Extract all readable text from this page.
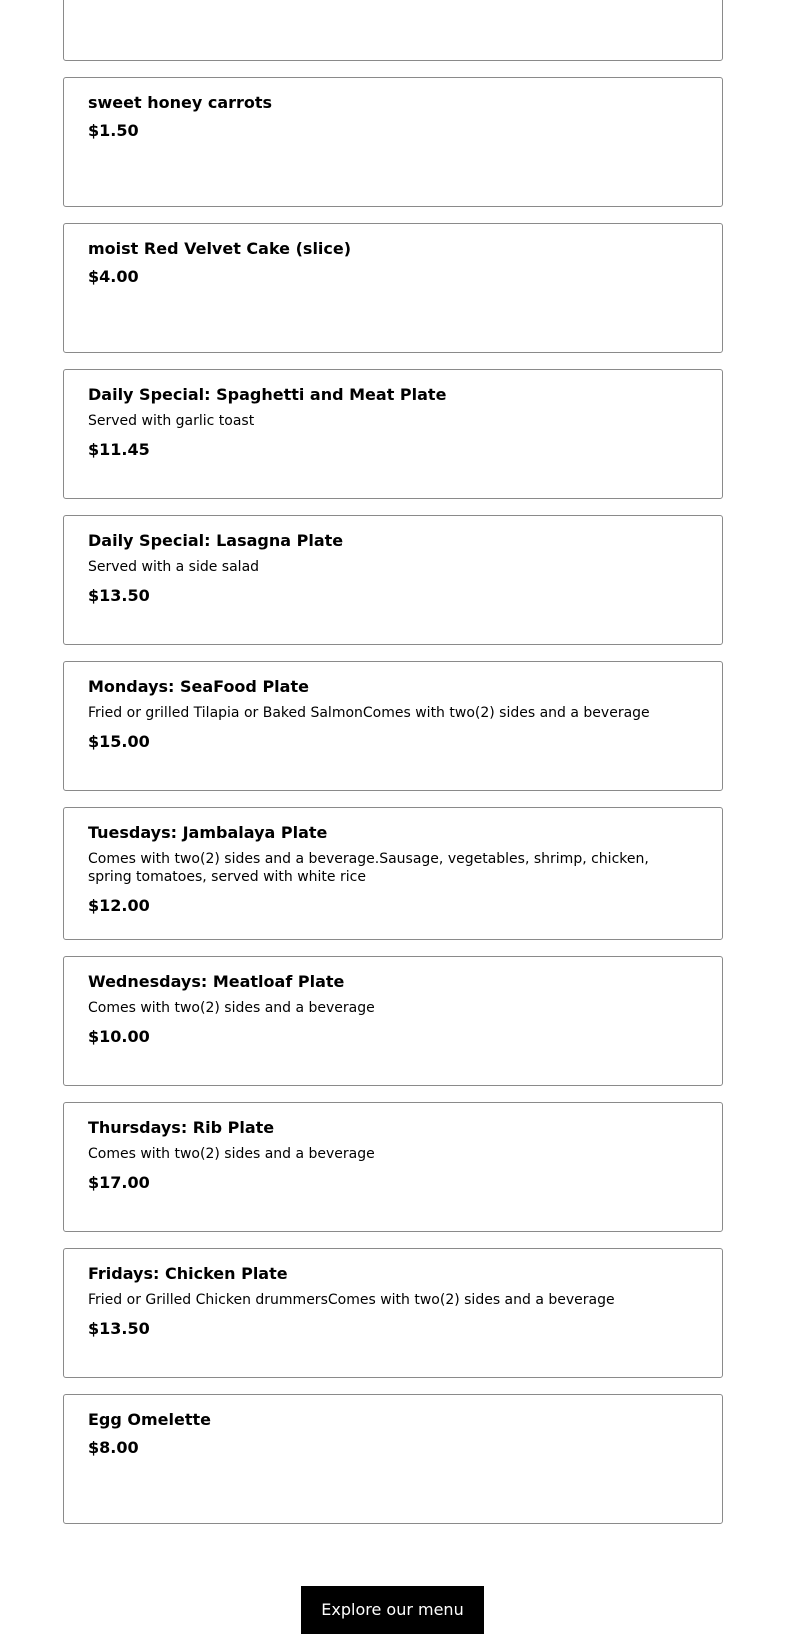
sweet honey carrots
$1.50
moist Red Velvet Cake (slice)
$4.00
Daily Special: Spaghetti and Meat Plate
Served with garlic toast
$11.45
Daily Special: Lasagna Plate
Served with a side salad
$13.50
Mondays: SeaFood Plate
Fried or grilled Tilapia or Baked SalmonComes with two(2) sides and a beverage
$15.00
Tuesdays: Jambalaya Plate
Comes with two(2) sides and a beverage.Sausage, vegetables, shrimp, chicken, spring tomatoes, served with white rice
$12.00
Wednesdays: Meatloaf Plate
Comes with two(2) sides and a beverage
$10.00
Thursdays: Rib Plate
Comes with two(2) sides and a beverage
$17.00
Fridays: Chicken Plate
Fried or Grilled Chicken drummersComes with two(2) sides and a beverage
$13.50
Egg Omelette
$8.00
Explore our menu
